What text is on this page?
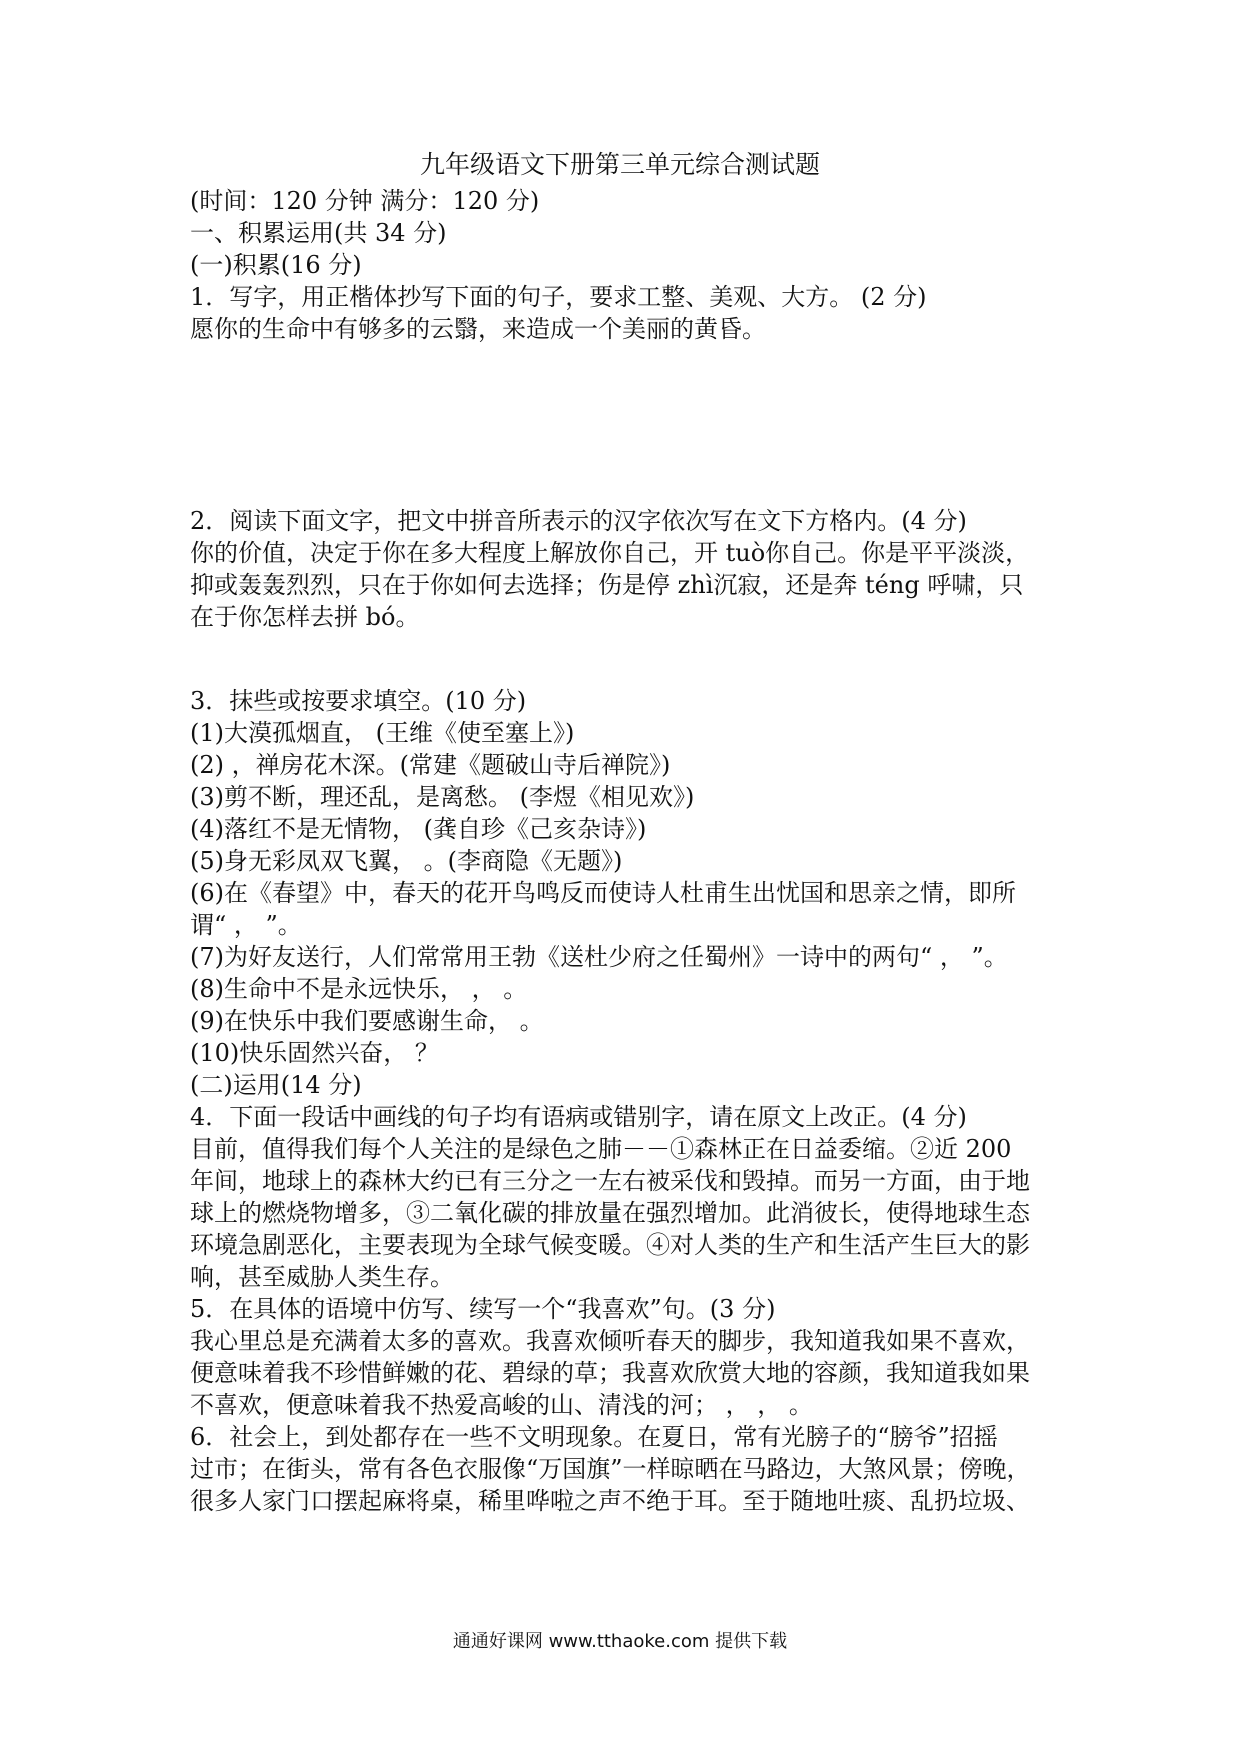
九年级语文下册第三单元综合测试题

(时间：120 分钟 满分：120 分)

一、积累运用(共 34 分)

(一)积累(16 分)

1．写字，用正楷体抄写下面的句子，要求工整、美观、大方。 (2 分)

愿你的生命中有够多的云翳，来造成一个美丽的黄昏。

2．阅读下面文字，把文中拼音所表示的汉字依次写在文下方格内。(4 分)

你的价值，决定于你在多大程度上解放你自己，开 tuò你自己。你是平平淡淡，

抑或轰轰烈烈，只在于你如何去选择；伤是停 zhì沉寂，还是奔 téng 呼啸，只

在于你怎样去拼 bó。

3．抹些或按要求填空。(10 分)

(1)大漠孤烟直， (王维《使至塞上》)

(2) ，禅房花木深。(常建《题破山寺后禅院》)

(3)剪不断，理还乱，是离愁。 (李煜《相见欢》)

(4)落红不是无情物， (龚自珍《己亥杂诗》)

(5)身无彩凤双飞翼， 。(李商隐《无题》)

(6)在《春望》中，春天的花开鸟鸣反而使诗人杜甫生出忧国和思亲之情，即所

谓“ ， ”。

(7)为好友送行，人们常常用王勃《送杜少府之任蜀州》一诗中的两句“ ， ”。

(8)生命中不是永远快乐， ， 。

(9)在快乐中我们要感谢生命， 。

(10)快乐固然兴奋， ？

(二)运用(14 分)

4．下面一段话中画线的句子均有语病或错别字，请在原文上改正。(4 分)

目前，值得我们每个人关注的是绿色之肺－－①森林正在日益委缩。②近 200

年间，地球上的森林大约已有三分之一左右被采伐和毁掉。而另一方面，由于地

球上的燃烧物增多，③二氧化碳的排放量在强烈增加。此消彼长，使得地球生态

环境急剧恶化，主要表现为全球气候变暖。④对人类的生产和生活产生巨大的影

响，甚至威胁人类生存。

5．在具体的语境中仿写、续写一个“我喜欢”句。(3 分)

我心里总是充满着太多的喜欢。我喜欢倾听春天的脚步，我知道我如果不喜欢，

便意味着我不珍惜鲜嫩的花、碧绿的草；我喜欢欣赏大地的容颜，我知道我如果

不喜欢，便意味着我不热爱高峻的山、清浅的河； ， ， 。

6．社会上，到处都存在一些不文明现象。在夏日，常有光膀子的“膀爷”招摇

过市；在街头，常有各色衣服像“万国旗”一样晾晒在马路边，大煞风景；傍晚，

很多人家门口摆起麻将桌，稀里哗啦之声不绝于耳。至于随地吐痰、乱扔垃圾、

通通好课网 www.tthaoke.com 提供下载
